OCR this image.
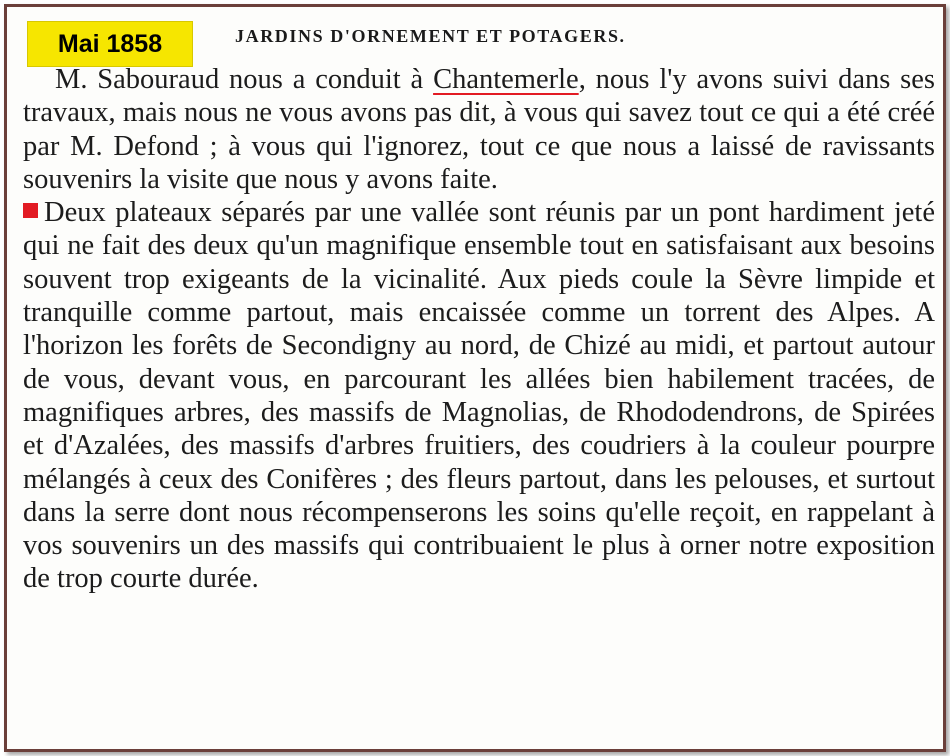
Mai 1858	JARDINS D'ORNEMENT ET POTAGERS.
M. Sabouraud nous a conduit à Chantemerle, nous l'y avons suivi dans ses travaux, mais nous ne vous avons pas dit, à vous qui savez tout ce qui a été créé par M. Defond ; à vous qui l'ignorez, tout ce que nous a laissé de ravissants souvenirs la visite que nous y avons faite.
Deux plateaux séparés par une vallée sont réunis par un pont hardiment jeté qui ne fait des deux qu'un magnifique ensemble tout en satisfaisant aux besoins souvent trop exigeants de la vicinalité. Aux pieds coule la Sèvre limpide et tranquille comme partout, mais encaissée comme un torrent des Alpes. A l'horizon les forêts de Secondigny au nord, de Chizé au midi, et partout autour de vous, devant vous, en parcourant les allées bien habilement tracées, de magnifiques arbres, des massifs de Magnolias, de Rhododendrons, de Spirées et d'Azalées, des massifs d'arbres fruitiers, des coudriers à la couleur pourpre mélangés à ceux des Conifères ; des fleurs partout, dans les pelouses, et surtout dans la serre dont nous récompenserons les soins qu'elle reçoit, en rappelant à vos souvenirs un des massifs qui contribuaient le plus à orner notre exposition de trop courte durée.
